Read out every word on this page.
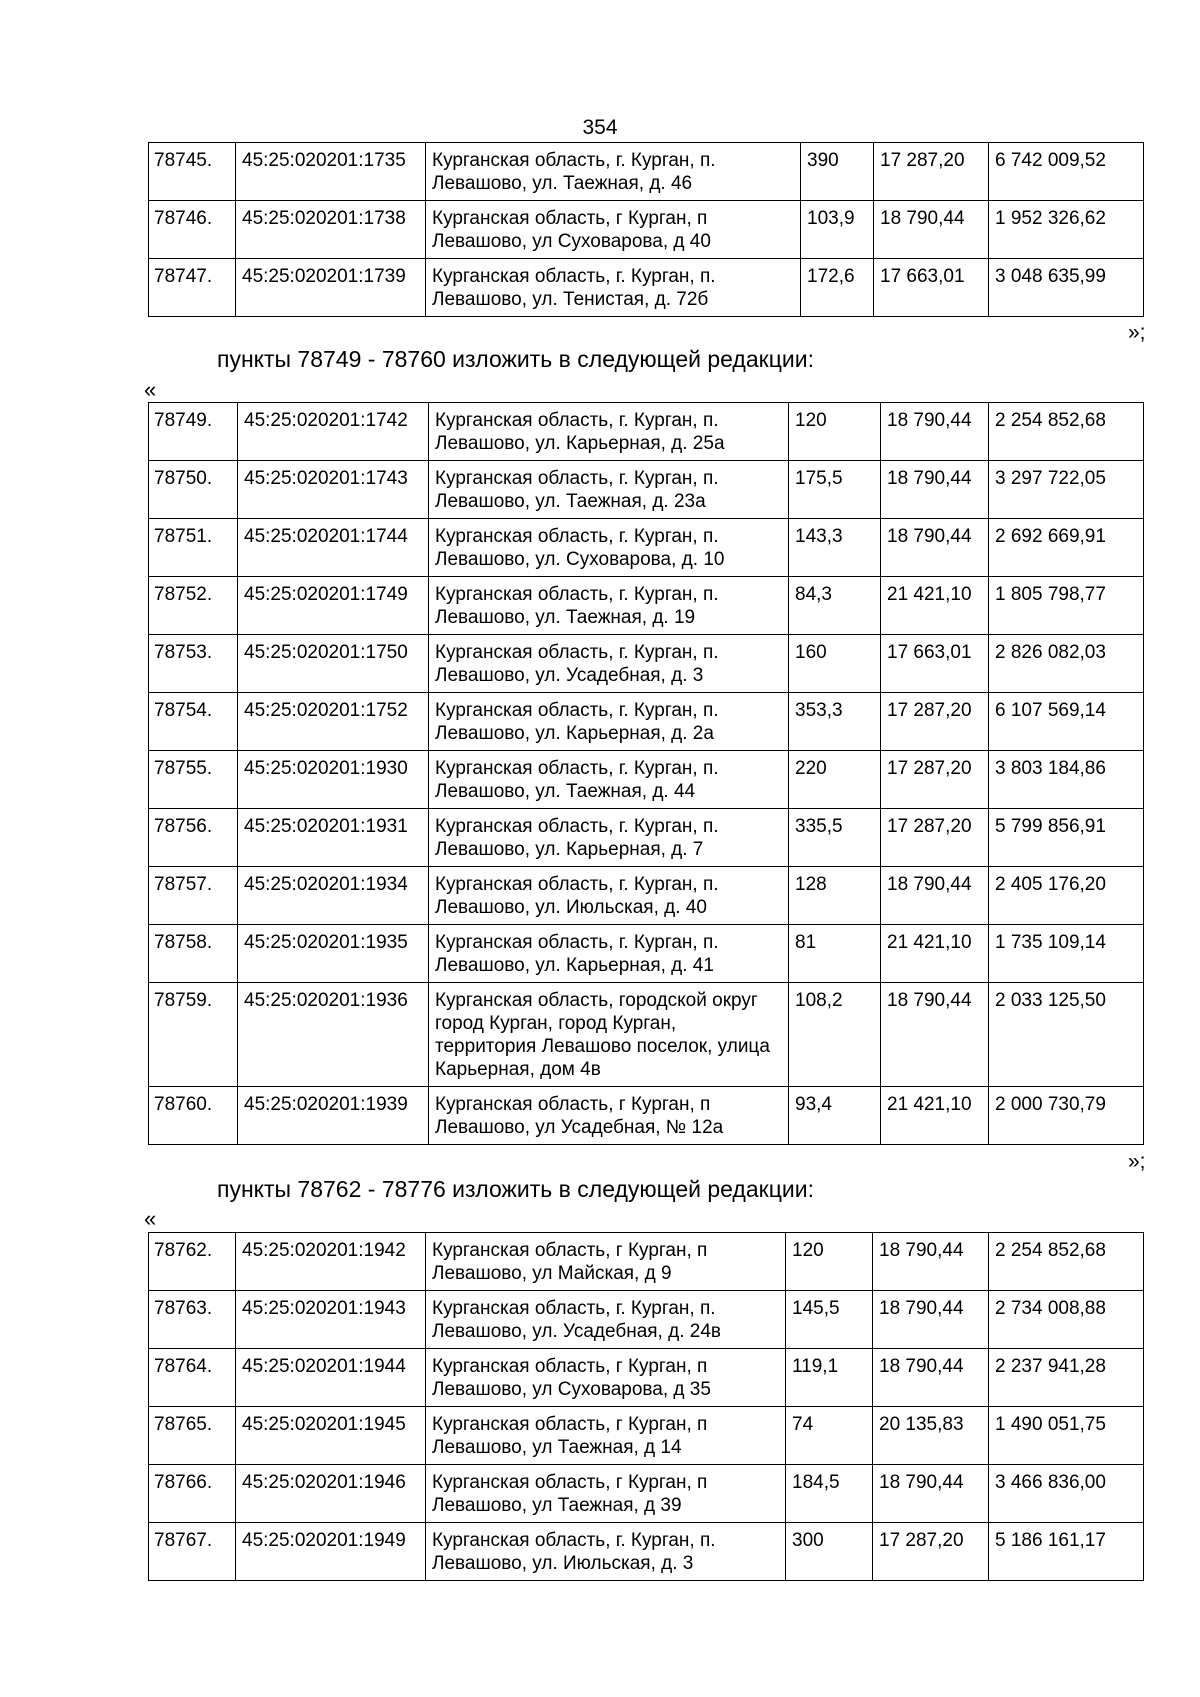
354
78745.	45:25:020201:1735	Курганская область, г. Курган, п. Левашово, ул. Таежная, д. 46	390	17 287,20	6 742 009,52
78746.	45:25:020201:1738	Курганская область, г Курган, п Левашово, ул Суховарова, д 40	103,9	18 790,44	1 952 326,62
78747.	45:25:020201:1739	Курганская область, г. Курган, п. Левашово, ул. Тенистая, д. 72б	172,6	17 663,01	3 048 635,99
»;
пункты 78749 - 78760 изложить в следующей редакции:
«
78749.	45:25:020201:1742	Курганская область, г. Курган, п. Левашово, ул. Карьерная, д. 25а	120	18 790,44	2 254 852,68
78750.	45:25:020201:1743	Курганская область, г. Курган, п. Левашово, ул. Таежная, д. 23а	175,5	18 790,44	3 297 722,05
78751.	45:25:020201:1744	Курганская область, г. Курган, п. Левашово, ул. Суховарова, д. 10	143,3	18 790,44	2 692 669,91
78752.	45:25:020201:1749	Курганская область, г. Курган, п. Левашово, ул. Таежная, д. 19	84,3	21 421,10	1 805 798,77
78753.	45:25:020201:1750	Курганская область, г. Курган, п. Левашово, ул. Усадебная, д. 3	160	17 663,01	2 826 082,03
78754.	45:25:020201:1752	Курганская область, г. Курган, п. Левашово, ул. Карьерная, д. 2а	353,3	17 287,20	6 107 569,14
78755.	45:25:020201:1930	Курганская область, г. Курган, п. Левашово, ул. Таежная, д. 44	220	17 287,20	3 803 184,86
78756.	45:25:020201:1931	Курганская область, г. Курган, п. Левашово, ул. Карьерная, д. 7	335,5	17 287,20	5 799 856,91
78757.	45:25:020201:1934	Курганская область, г. Курган, п. Левашово, ул. Июльская, д. 40	128	18 790,44	2 405 176,20
78758.	45:25:020201:1935	Курганская область, г. Курган, п. Левашово, ул. Карьерная, д. 41	81	21 421,10	1 735 109,14
78759.	45:25:020201:1936	Курганская область, городской округ город Курган, город Курган, территория Левашово поселок, улица Карьерная, дом 4в	108,2	18 790,44	2 033 125,50
78760.	45:25:020201:1939	Курганская область, г Курган, п Левашово, ул Усадебная, № 12а	93,4	21 421,10	2 000 730,79
»;
пункты 78762 - 78776 изложить в следующей редакции:
«
78762.	45:25:020201:1942	Курганская область, г Курган, п Левашово, ул Майская, д 9	120	18 790,44	2 254 852,68
78763.	45:25:020201:1943	Курганская область, г. Курган, п. Левашово, ул. Усадебная, д. 24в	145,5	18 790,44	2 734 008,88
78764.	45:25:020201:1944	Курганская область, г Курган, п Левашово, ул Суховарова, д 35	119,1	18 790,44	2 237 941,28
78765.	45:25:020201:1945	Курганская область, г Курган, п Левашово, ул Таежная, д 14	74	20 135,83	1 490 051,75
78766.	45:25:020201:1946	Курганская область, г Курган, п Левашово, ул Таежная, д 39	184,5	18 790,44	3 466 836,00
78767.	45:25:020201:1949	Курганская область, г. Курган, п. Левашово, ул. Июльская, д. 3	300	17 287,20	5 186 161,17
